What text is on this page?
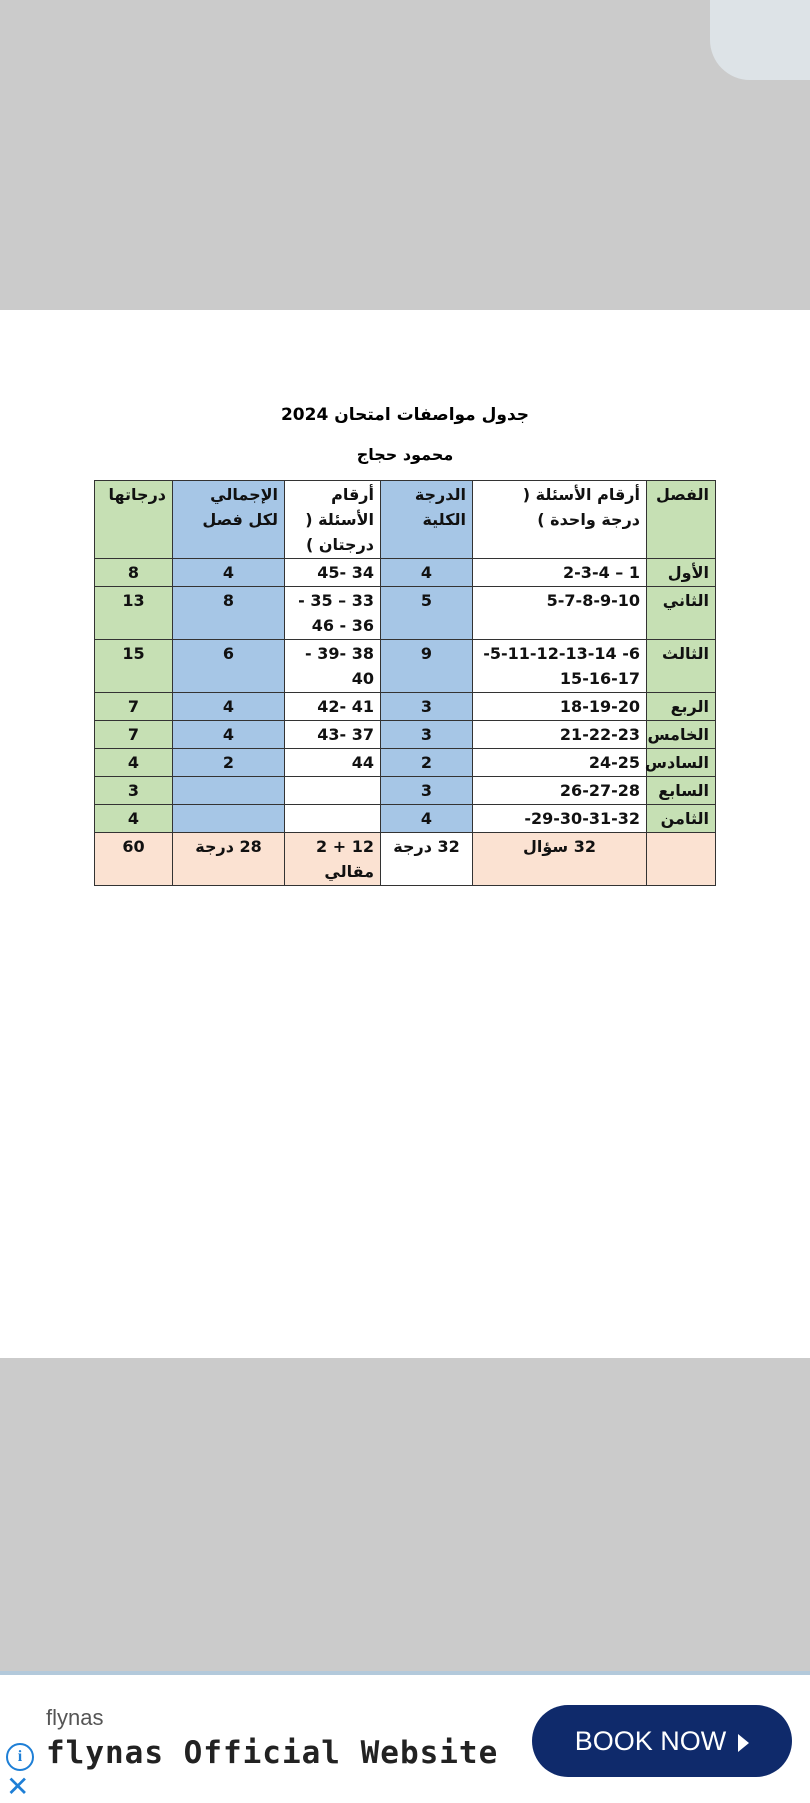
جدول مواصفات امتحان 2024
محمود حجاج
الفصل	أرقام الأسئلة ( درجة واحدة )	الدرجة الكلية	أرقام الأسئلة ( درجتان )	الإجمالي لكل فصل	درجاتها
الأول	1 – 2-3-4	4	34 -45	4	8
الثاني	5-7-8-9-10	5	33 – 35 - 36 - 46	8	13
الثالث	6- 5-11-12-13-14- 15-16-17	9	38 -39 - 40	6	15
الربع	18-19-20	3	41 -42	4	7
الخامس	21-22-23	3	37 -43	4	7
السادس	24-25	2	44	2	4
السابع	26-27-28	3			3
الثامن	29-30-31-32-	4			4
	32 سؤال	32 درجة	12 + 2 مقالي	28 درجة	60
i
✕
flynas
flynas Official Website	BOOK NOW
